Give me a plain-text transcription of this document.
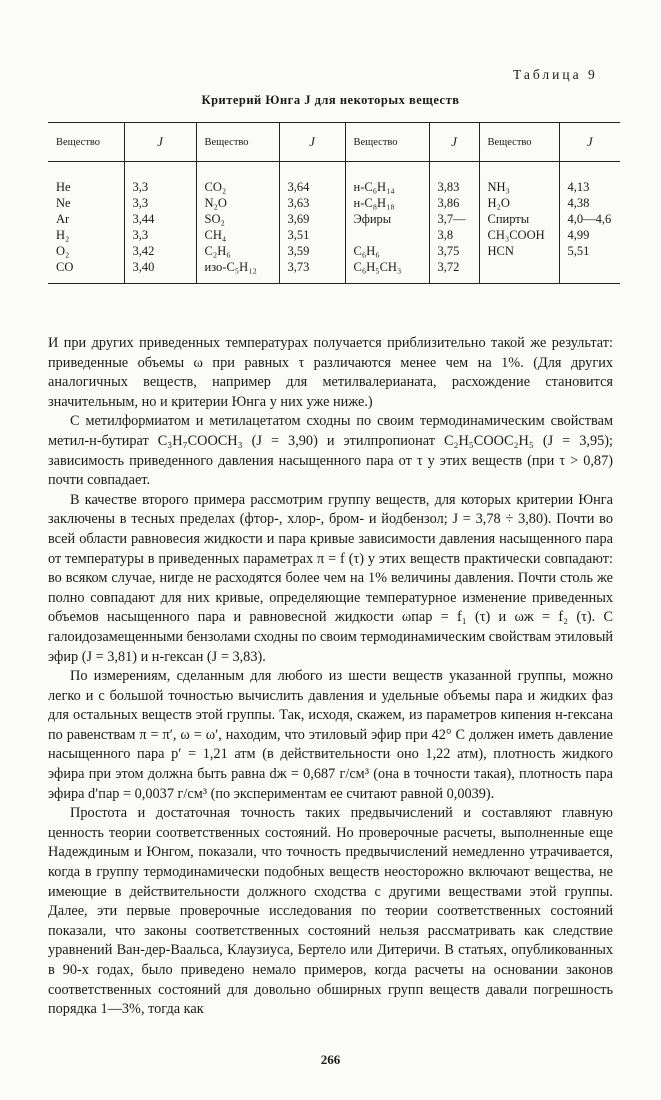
Таблица 9
Критерий Юнга J для некоторых веществ
Вещество	J	Вещество	J	Вещество	J	Вещество	J

He	3,3	CO₂	3,64	н-C₆H₁₄	3,83	NH₃	4,13
Ne	3,3	N₂O	3,63	н-C₈H₁₈	3,86	H₂O	4,38
Ar	3,44	SO₂	3,69	Эфиры	3,7—	Спирты	4,0—4,6
H₂	3,3	CH₄	3,51		3,8	CH₃COOH	4,99
O₂	3,42	C₂H₆	3,59	C₆H₆	3,75	HCN	5,51
CO	3,40	изо-C₅H₁₂	3,73	C₆H₅CH₃	3,72		

И при других приведенных температурах получается приблизительно такой же результат: приведенные объемы ω при равных τ различаются менее чем на 1%. (Для других аналогичных веществ, например для метилвалерианата, расхождение становится значительным, но и критерии Юнга у них уже ниже.)

С метилформиатом и метилацетатом сходны по своим термодинамическим свойствам метил-н-бутират C₃H₇COOCH₃ (J = 3,90) и этилпропионат C₂H₅COOC₂H₅ (J = 3,95); зависимость приведенного давления насыщенного пара от τ у этих веществ (при τ > 0,87) почти совпадает.

В качестве второго примера рассмотрим группу веществ, для которых критерии Юнга заключены в тесных пределах (фтор-, хлор-, бром- и йодбензол; J = 3,78 ÷ 3,80). Почти во всей области равновесия жидкости и пара кривые зависимости давления насыщенного пара от температуры в приведенных параметрах π = f (τ) у этих веществ практически совпадают: во всяком случае, нигде не расходятся более чем на 1% величины давления. Почти столь же полно совпадают для них кривые, определяющие температурное изменение приведенных объемов насыщенного пара и равновесной жидкости ωпар = f₁ (τ) и ωж = f₂ (τ). С галоидозамещенными бензолами сходны по своим термодинамическим свойствам этиловый эфир (J = 3,81) и н-гексан (J = 3,83).

По измерениям, сделанным для любого из шести веществ указанной группы, можно легко и с большой точностью вычислить давления и удельные объемы пара и жидких фаз для остальных веществ этой группы. Так, исходя, скажем, из параметров кипения н-гексана по равенствам π = π′, ω = ω′, находим, что этиловый эфир при 42° С должен иметь давление насыщенного пара p′ = 1,21 атм (в действительности оно 1,22 атм), плотность жидкого эфира при этом должна быть равна dж = 0,687 г/см³ (она в точности такая), плотность пара эфира d′пар = 0,0037 г/см³ (по экспериментам ее считают равной 0,0039).

Простота и достаточная точность таких предвычислений и составляют главную ценность теории соответственных состояний. Но проверочные расчеты, выполненные еще Надеждиным и Юнгом, показали, что точность предвычислений немедленно утрачивается, когда в группу термодинамически подобных веществ неосторожно включают вещества, не имеющие в действительности должного сходства с другими веществами этой группы. Далее, эти первые проверочные исследования по теории соответственных состояний показали, что законы соответственных состояний нельзя рассматривать как следствие уравнений Ван-дер-Ваальса, Клаузиуса, Бертело или Дитеричи. В статьях, опубликованных в 90-х годах, было приведено немало примеров, когда расчеты на основании законов соответственных состояний для довольно обширных групп веществ давали погрешность порядка 1—3%, тогда как

266
